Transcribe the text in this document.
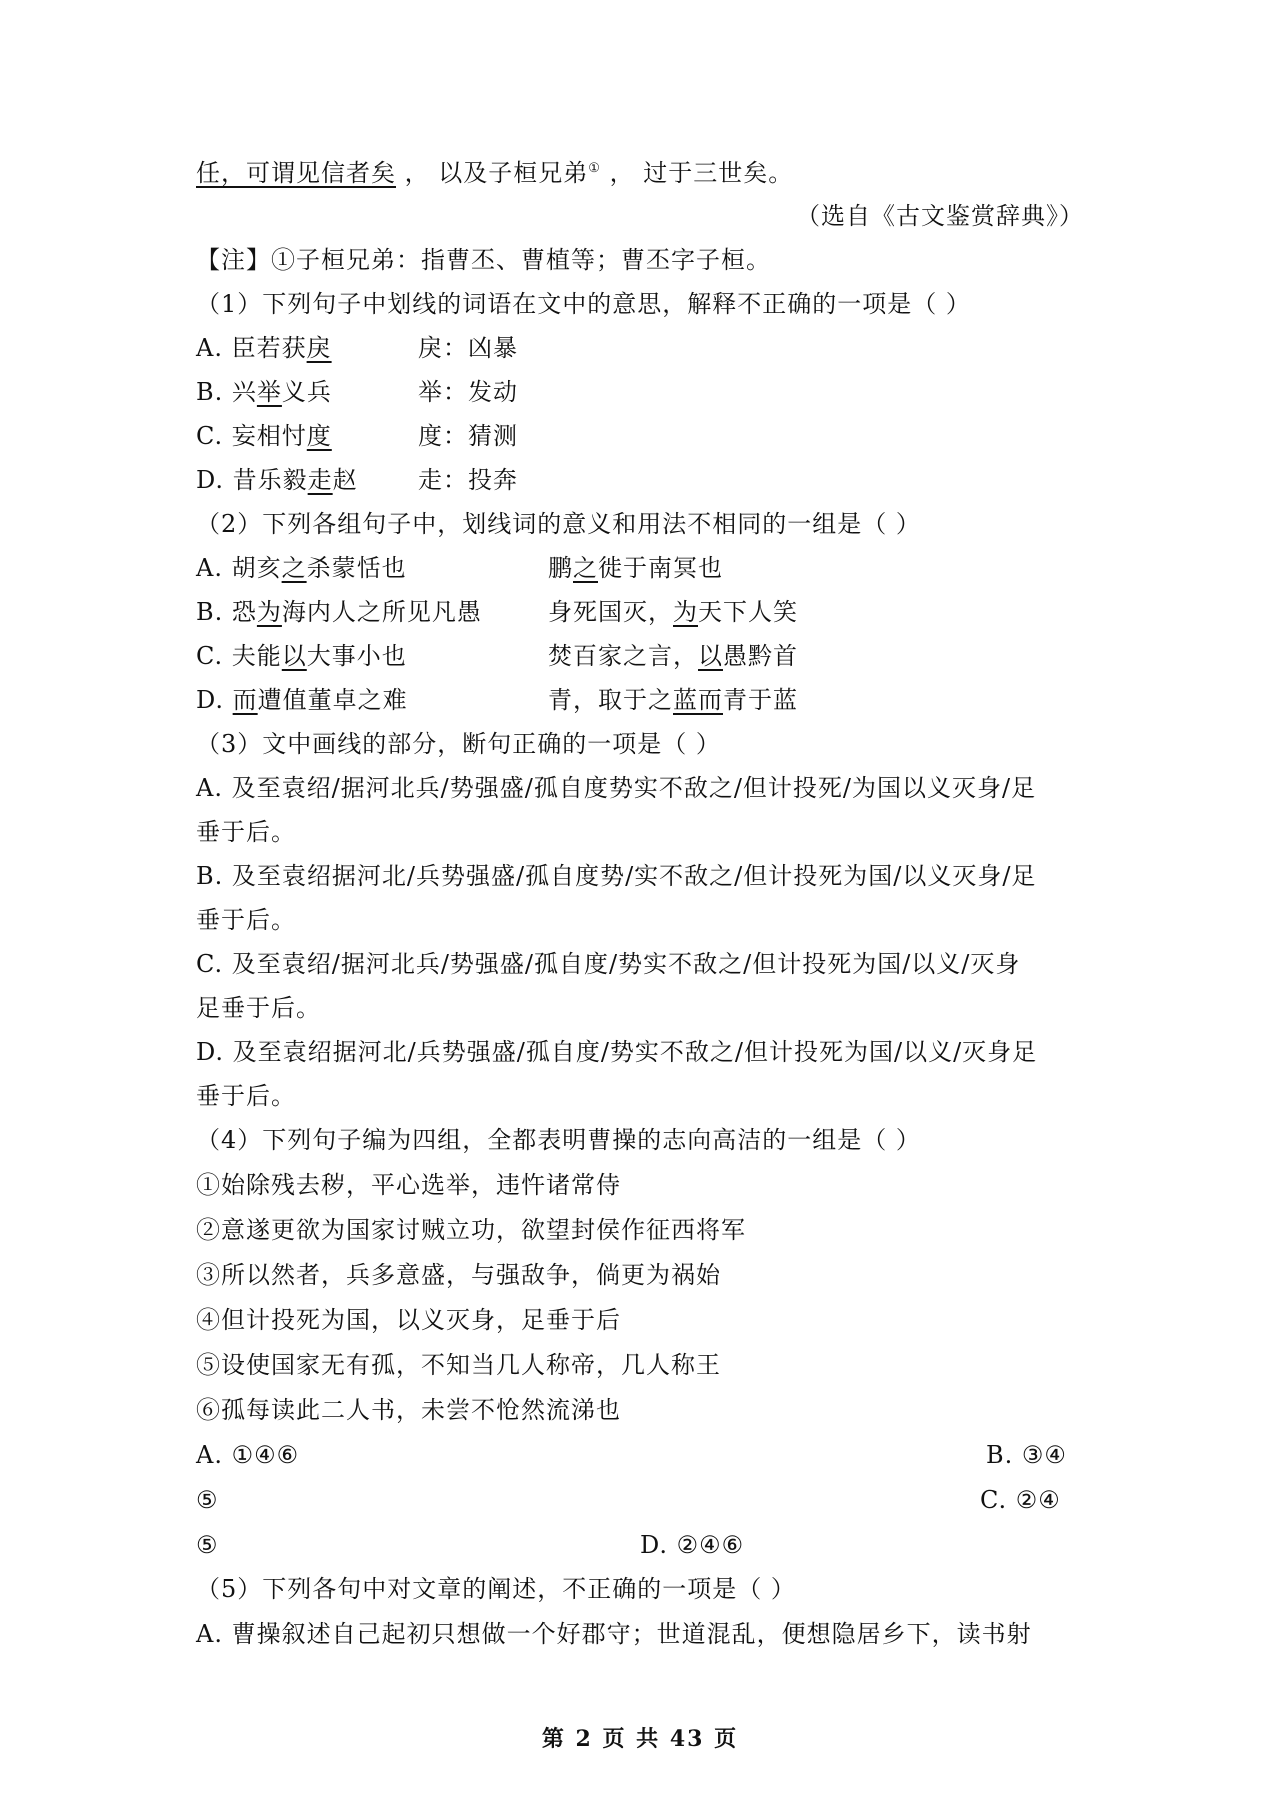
任，可谓见信者矣 ， 以及子桓兄弟① ， 过于三世矣。
（选自《古文鉴赏辞典》）
【注】①子桓兄弟：指曹丕、曹植等；曹丕字子桓。
（1）下列句子中划线的词语在文中的意思，解释不正确的一项是（ ）
A. 臣若获戾	戾：凶暴
B. 兴举义兵	举：发动
C. 妄相忖度	度：猜测
D. 昔乐毅走赵	走：投奔
（2）下列各组句子中，划线词的意义和用法不相同的一组是（ ）
A. 胡亥之杀蒙恬也	鹏之徙于南冥也
B. 恐为海内人之所见凡愚	身死国灭，为天下人笑
C. 夫能以大事小也	焚百家之言，以愚黔首
D. 而遭值董卓之难	青，取于之蓝而青于蓝
（3）文中画线的部分，断句正确的一项是（ ）
A. 及至袁绍/据河北兵/势强盛/孤自度势实不敌之/但计投死/为国以义灭身/足
垂于后。
B. 及至袁绍据河北/兵势强盛/孤自度势/实不敌之/但计投死为国/以义灭身/足
垂于后。
C. 及至袁绍/据河北兵/势强盛/孤自度/势实不敌之/但计投死为国/以义/灭身
足垂于后。
D. 及至袁绍据河北/兵势强盛/孤自度/势实不敌之/但计投死为国/以义/灭身足
垂于后。
（4）下列句子编为四组，全都表明曹操的志向高洁的一组是（ ）
①始除残去秽，平心选举，违忤诸常侍
②意遂更欲为国家讨贼立功，欲望封侯作征西将军
③所以然者，兵多意盛，与强敌争，倘更为祸始
④但计投死为国，以义灭身，足垂于后
⑤设使国家无有孤，不知当几人称帝，几人称王
⑥孤每读此二人书，未尝不怆然流涕也
A. ①④⑥	B. ③④
⑤	C. ②④
⑤	D. ②④⑥
（5）下列各句中对文章的阐述，不正确的一项是（ ）
A. 曹操叙述自己起初只想做一个好郡守；世道混乱，便想隐居乡下，读书射
第 2 页 共 43 页
